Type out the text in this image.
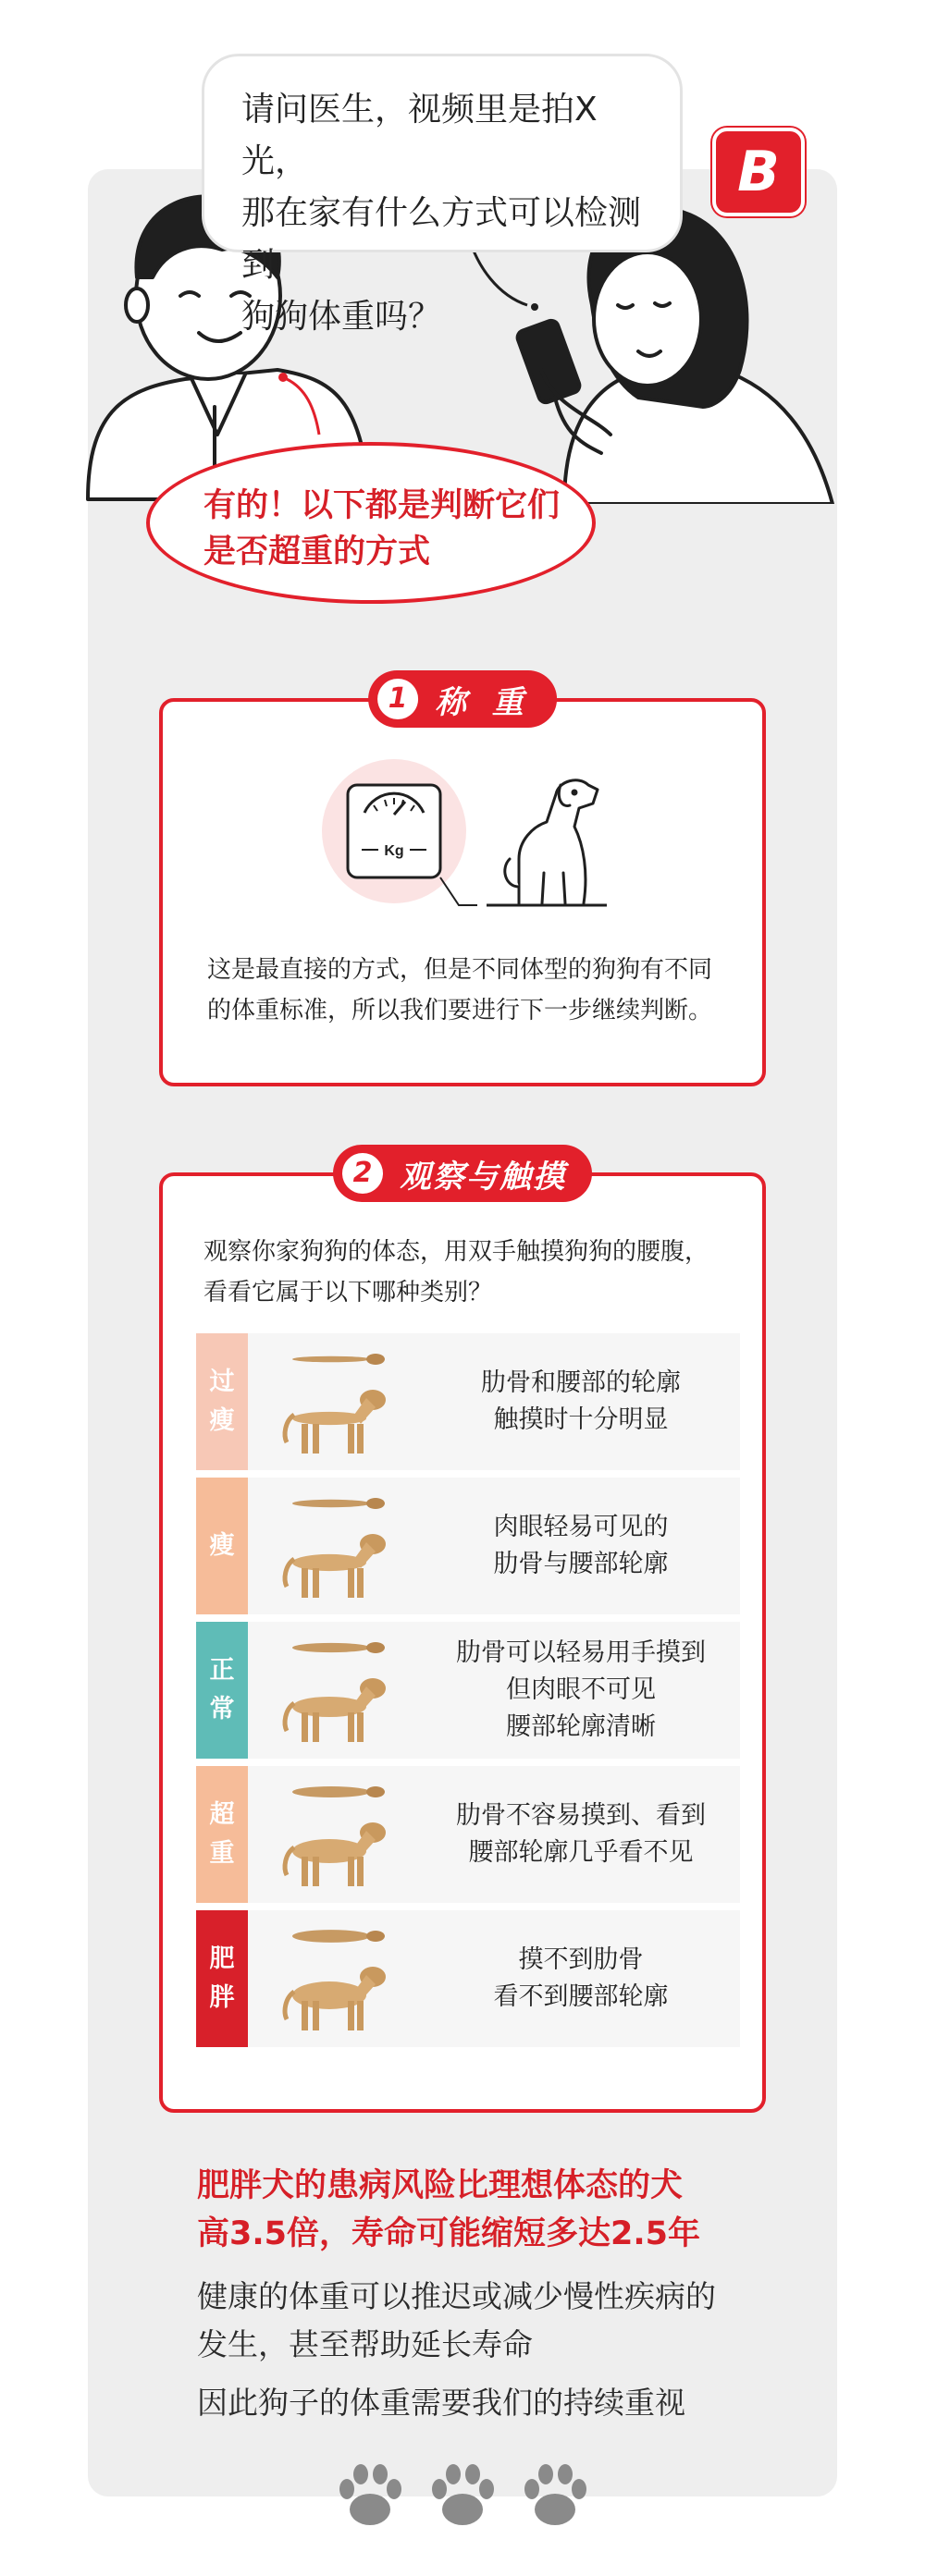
请问医生，视频里是拍X光，
那在家有什么方式可以检测到
狗狗体重吗？
B
有的！以下都是判断它们
是否超重的方式
1 称 重
Kg
这是最直接的方式，但是不同体型的狗狗有不同的体重标准，所以我们要进行下一步继续判断。
2 观察与触摸
观察你家狗狗的体态，用双手触摸狗狗的腰腹，看看它属于以下哪种类别？
过
瘦
肋骨和腰部的轮廓
触摸时十分明显
瘦
肉眼轻易可见的
肋骨与腰部轮廓
正
常
肋骨可以轻易用手摸到
但肉眼不可见
腰部轮廓清晰
超
重
肋骨不容易摸到、看到
腰部轮廓几乎看不见
肥
胖
摸不到肋骨
看不到腰部轮廓
肥胖犬的患病风险比理想体态的犬
高3.5倍，寿命可能缩短多达2.5年
健康的体重可以推迟或减少慢性疾病的
发生，甚至帮助延长寿命
因此狗子的体重需要我们的持续重视
